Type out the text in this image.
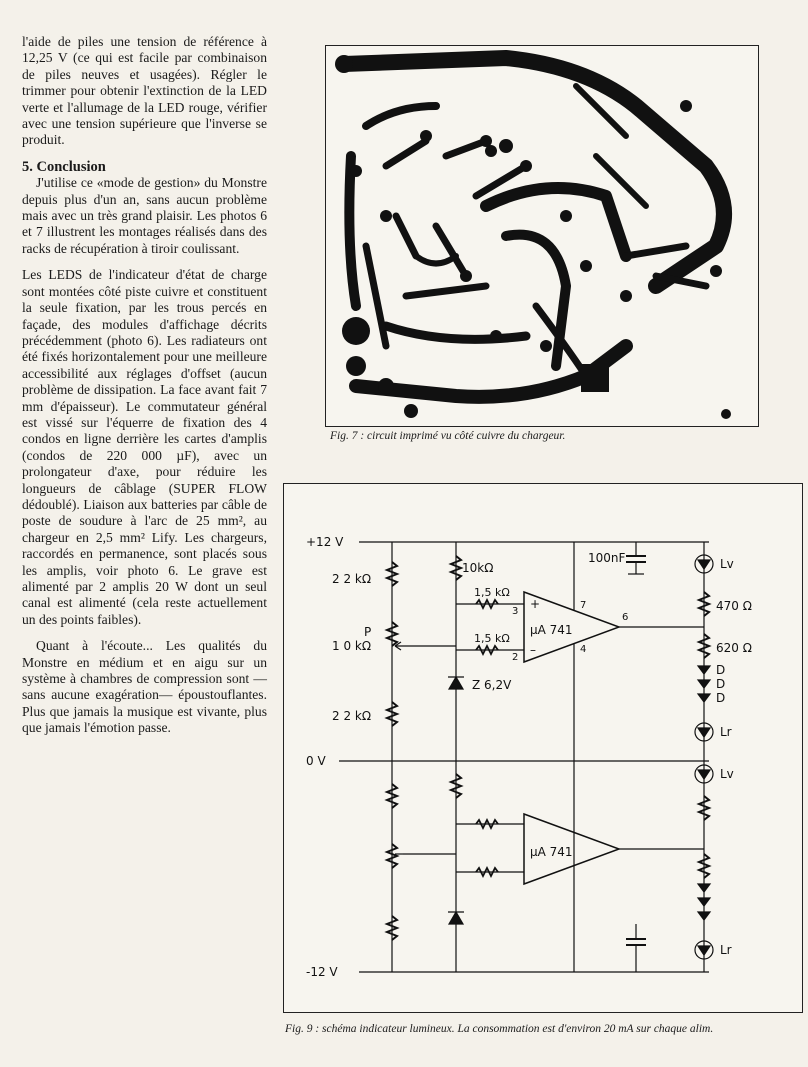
l'aide de piles une tension de référence à 12,25 V (ce qui est facile par combinaison de piles neuves et usagées). Régler le trimmer pour obtenir l'extinction de la LED verte et l'allumage de la LED rouge, vérifier avec une tension supérieure que l'inverse se produit.

5. Conclusion

J'utilise ce «mode de gestion» du Monstre depuis plus d'un an, sans aucun problème mais avec un très grand plaisir. Les photos 6 et 7 illustrent les montages réalisés dans des racks de récupération à tiroir coulissant.

Les LEDS de l'indicateur d'état de charge sont montées côté piste cuivre et constituent la seule fixation, par les trous percés en façade, des modules d'affichage décrits précédemment (photo 6). Les radiateurs ont été fixés horizontalement pour une meilleure accessibilité aux réglages d'offset (aucun problème de dissipation. La face avant fait 7 mm d'épaisseur). Le commutateur général est vissé sur l'équerre de fixation des 4 condos en ligne derrière les cartes d'amplis (condos de 220 000 µF), avec un prolongateur d'axe, pour réduire les longueurs de câblage (SUPER FLOW dédoublé). Liaison aux batteries par câble de poste de soudure à l'arc de 25 mm², au chargeur en 2,5 mm² Lify. Les chargeurs, raccordés en permanence, sont placés sous les amplis, voir photo 6. Le grave est alimenté par 2 amplis 20 W dont un seul canal est alimenté (cela reste actuellement un des points faibles).

Quant à l'écoute... Les qualités du Monstre en médium et en aigu sur un système à chambres de compression sont —sans aucune exagération— époustouflantes. Plus que jamais la musique est vivante, plus que jamais l'émotion passe.

Fig. 7 : circuit imprimé vu côté cuivre du chargeur.
+12 V
0 V
-12 V
2 2 kΩ
10kΩ
1,5 kΩ
1,5 kΩ
P
1 0 kΩ
2 2 kΩ
Z 6,2V
μA 741
μA 741
100nF
3
2
7
6
4
+
–
Lv
470 Ω
620 Ω
D
D
D
Lr
Lv
Lr
Fig. 9 : schéma indicateur lumineux. La consommation est d'environ 20 mA sur chaque alim.
